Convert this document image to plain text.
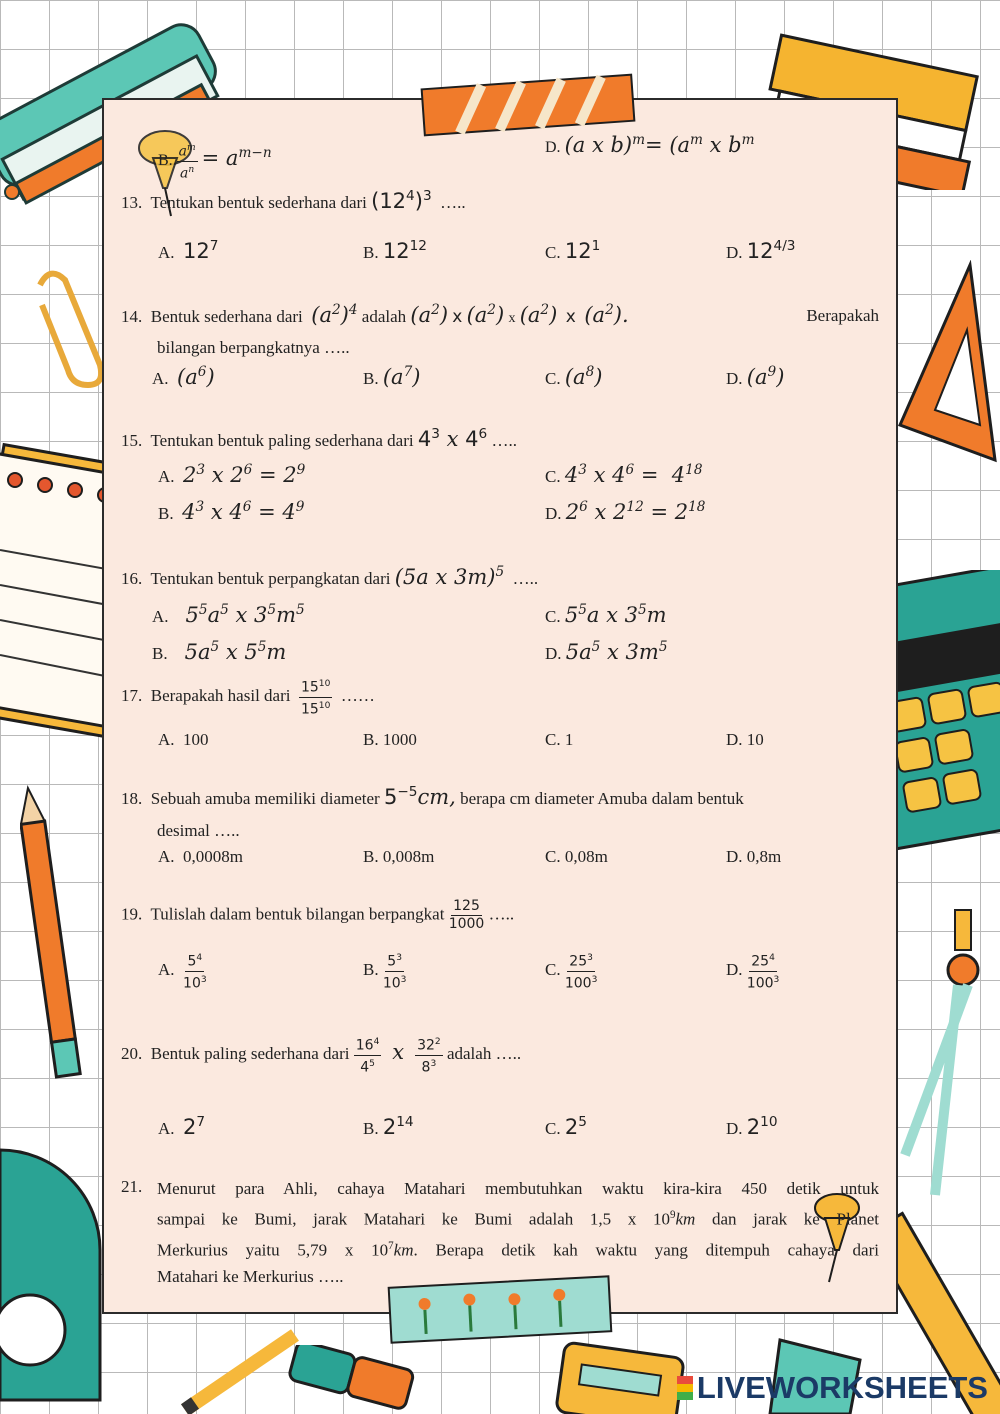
B. $\frac{a^m}{a^n} = a^{m-n}$	D. (a x $b)^m= (a^m$ x $b^m$
13. Tentukan bentuk sederhana dari $(12^4)^3$ …..
A. $12^7$	B. $12^{12}$	C. $12^1$	D. $12^{4/3}$
14. Bentuk sederhana dari $(a^2)^4$ adalah $(a^2)$ x $(a^2)$ x $(a^2)$ x $(a^2)$.	Berapakah
bilangan berpangkatnya …..
A. $(a^6)$	B. $(a^7)$	C. $(a^8)$	D. $(a^9)$
15. Tentukan bentuk paling sederhana dari $4^3$ x $4^6$ …..
A. $2^3$ x $2^6 = 2^9$
B. $4^3$ x $4^6 = 4^9$
C. $4^3$ x $4^6 = 4^{18}$
D. $2^6$ x $2^{12} = 2^{18}$
16. Tentukan bentuk perpangkatan dari (5a x 3m)$^5$ …..
A. $5^5a^5$ x $3^5m^5$
B. $5a^5$ x $5^5m$
C. $5^5a$ x $3^5m$
D. $5a^5$ x $3m^5$
17. Berapakah hasil dari $\frac{15^{10}}{15^{10}}$ ……
A. 100	B. 1000	C. 1	D. 10
18. Sebuah amuba memiliki diameter $5^{-5}cm$, berapa cm diameter Amuba dalam bentuk
desimal …..
A. 0,0008m	B. 0,008m	C. 0,08m	D. 0,8m
19. Tulislah dalam bentuk bilangan berpangkat $\frac{125}{1000}$ …..
A. $\frac{5^4}{10^3}$	B. $\frac{5^3}{10^3}$	C. $\frac{25^3}{100^3}$	D. $\frac{25^4}{100^3}$
20. Bentuk paling sederhana dari $\frac{16^4}{4^5}$ x $\frac{32^2}{8^3}$ adalah …..
A. $2^7$	B. $2^{14}$	C. $2^5$	D. $2^{10}$
21. Menurut para Ahli, cahaya Matahari membutuhkan waktu kira-kira 450 detik untuk
sampai ke Bumi, jarak Matahari ke Bumi adalah 1,5 x $10^9km$ dan jarak ke Planet
Merkurius yaitu 5,79 x $10^7km$. Berapa detik kah waktu yang ditempuh cahaya dari
Matahari ke Merkurius …..
LIVEWORKSHEETS
